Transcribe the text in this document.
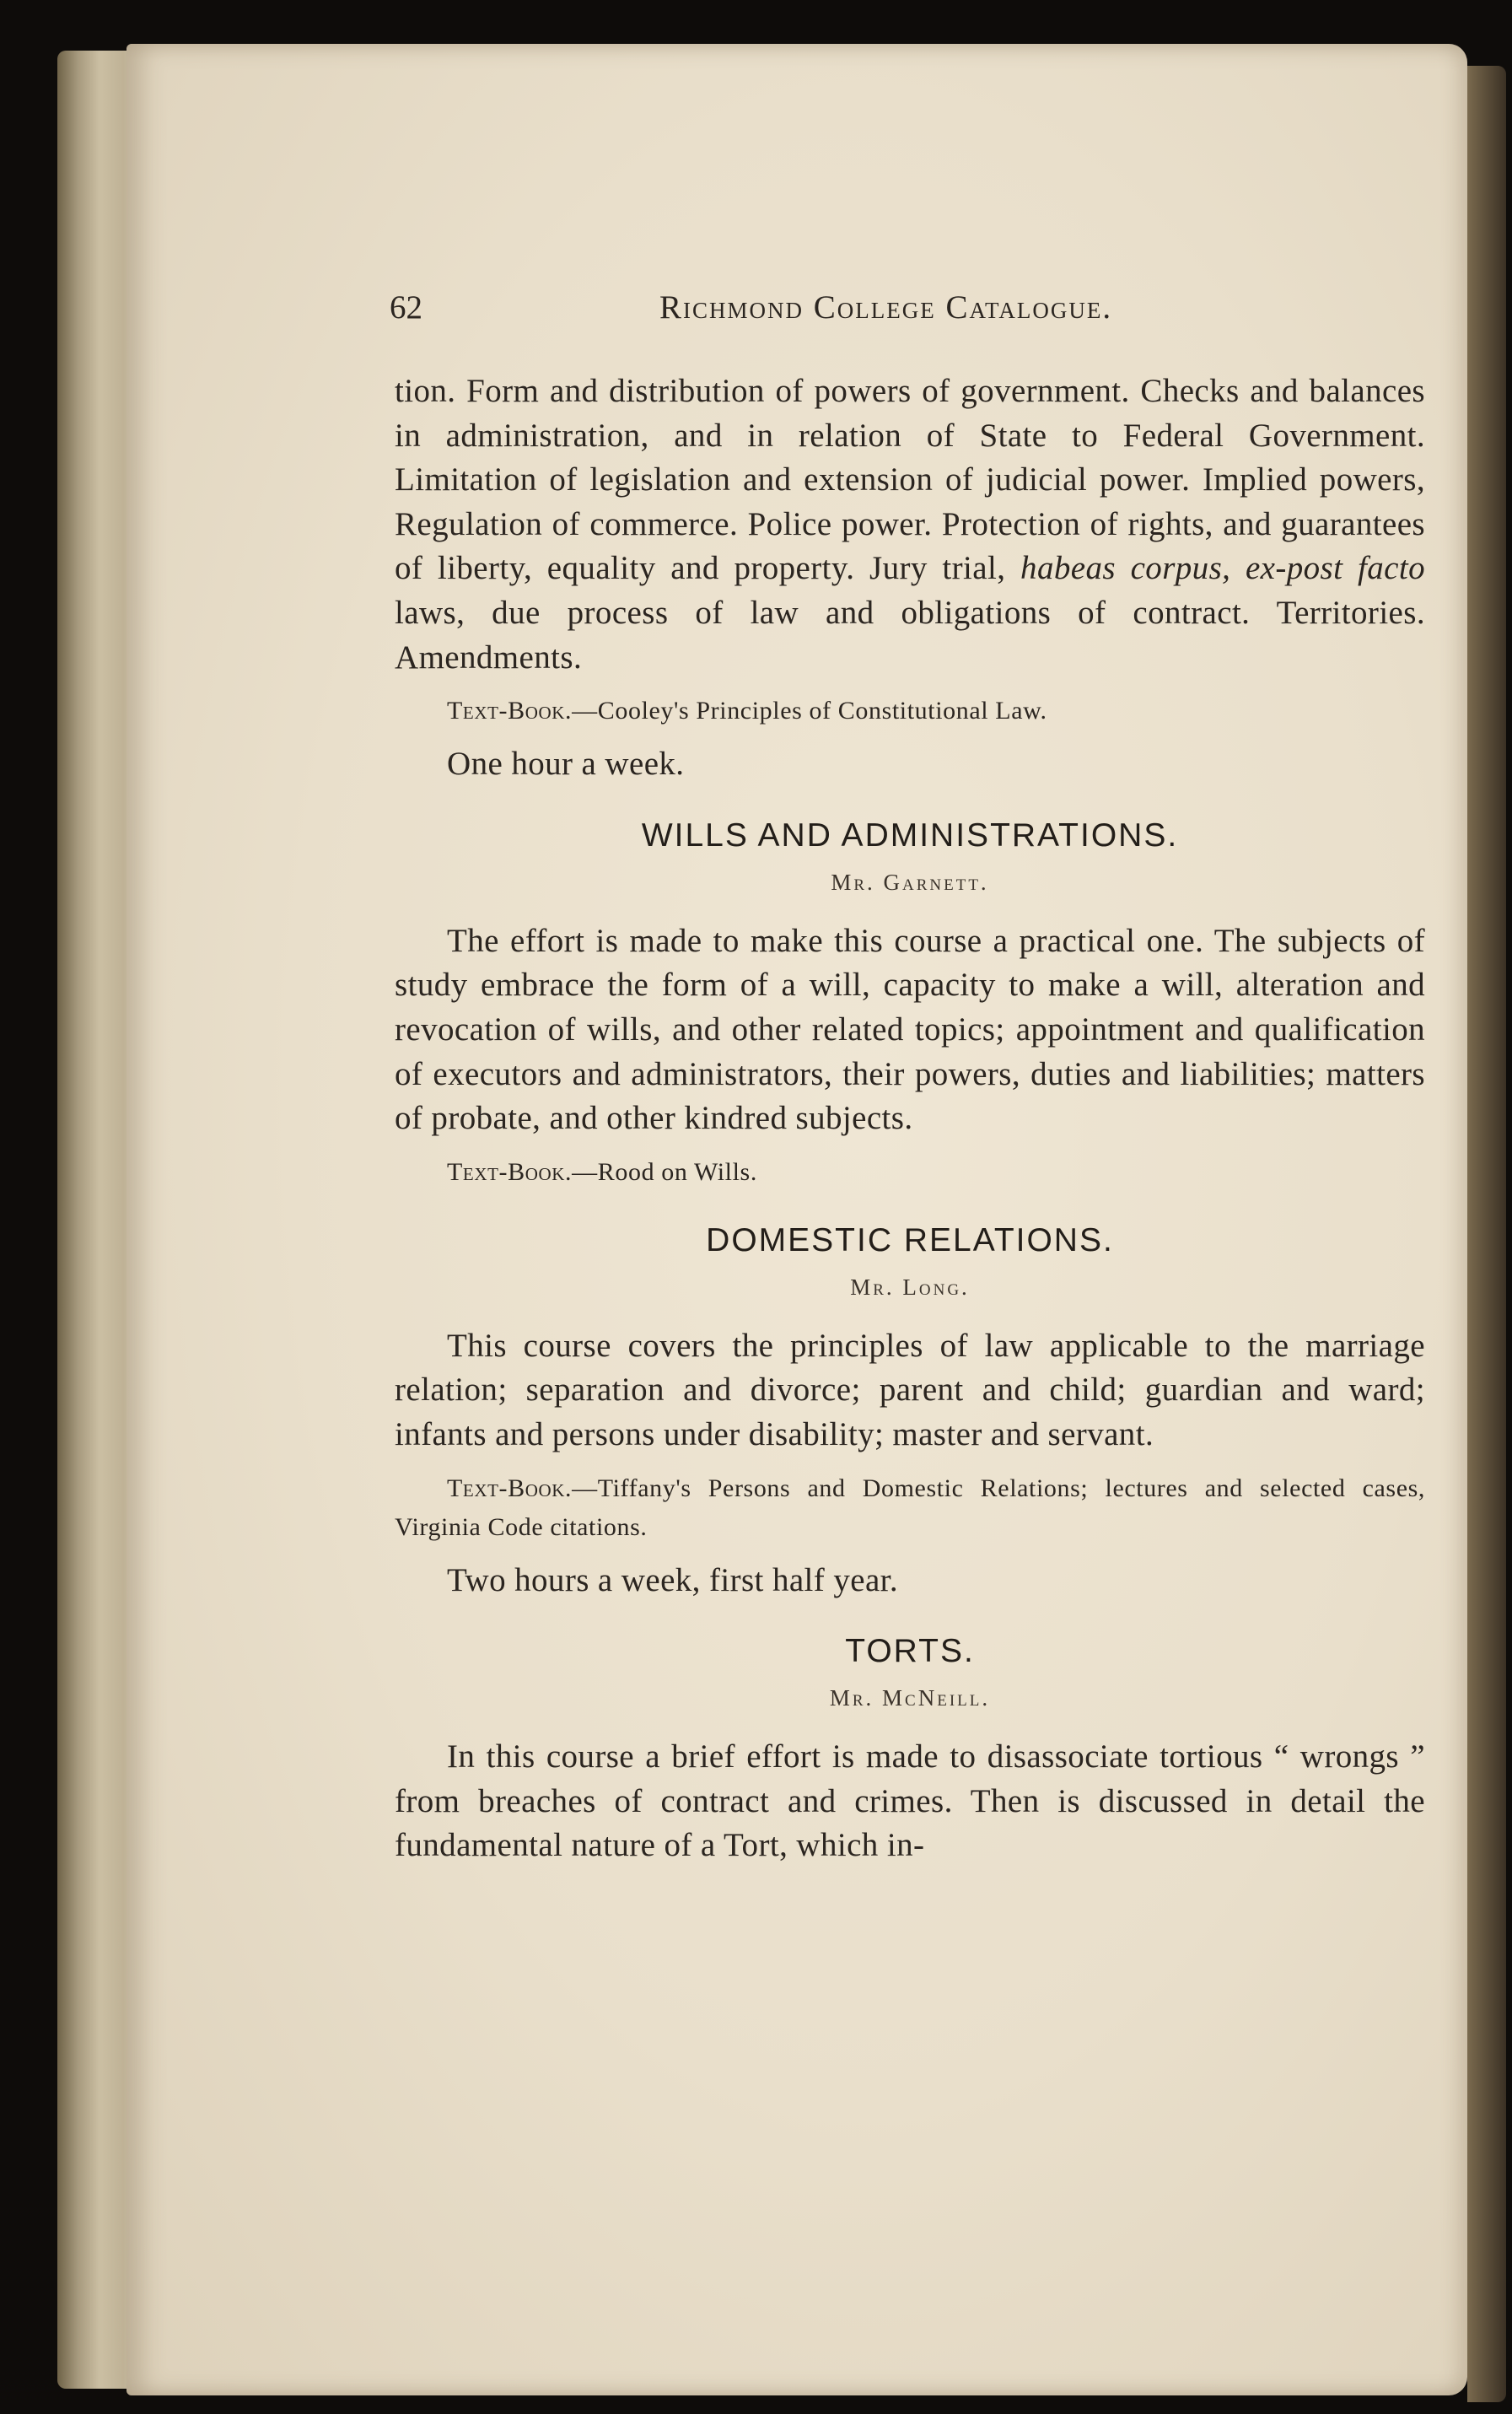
62	Richmond College Catalogue.

tion. Form and distribution of powers of government. Checks and balances in administration, and in relation of State to Federal Government. Limitation of legislation and extension of judicial power. Implied powers, Regulation of commerce. Police power. Protection of rights, and guarantees of liberty, equality and property. Jury trial, habeas corpus, ex-post facto laws, due process of law and obligations of contract. Territories. Amendments.

Text-Book.—Cooley's Principles of Constitutional Law.

One hour a week.

WILLS AND ADMINISTRATIONS.
Mr. Garnett.

The effort is made to make this course a practical one. The subjects of study embrace the form of a will, capacity to make a will, alteration and revocation of wills, and other related topics; appointment and qualification of executors and administrators, their powers, duties and liabilities; matters of probate, and other kindred subjects.

Text-Book.—Rood on Wills.

DOMESTIC RELATIONS.
Mr. Long.

This course covers the principles of law applicable to the marriage relation; separation and divorce; parent and child; guardian and ward; infants and persons under disability; master and servant.

Text-Book.—Tiffany's Persons and Domestic Relations; lectures and selected cases, Virginia Code citations.

Two hours a week, first half year.

TORTS.
Mr. McNeill.

In this course a brief effort is made to disassociate tortious “ wrongs ” from breaches of contract and crimes. Then is discussed in detail the fundamental nature of a Tort, which in-
